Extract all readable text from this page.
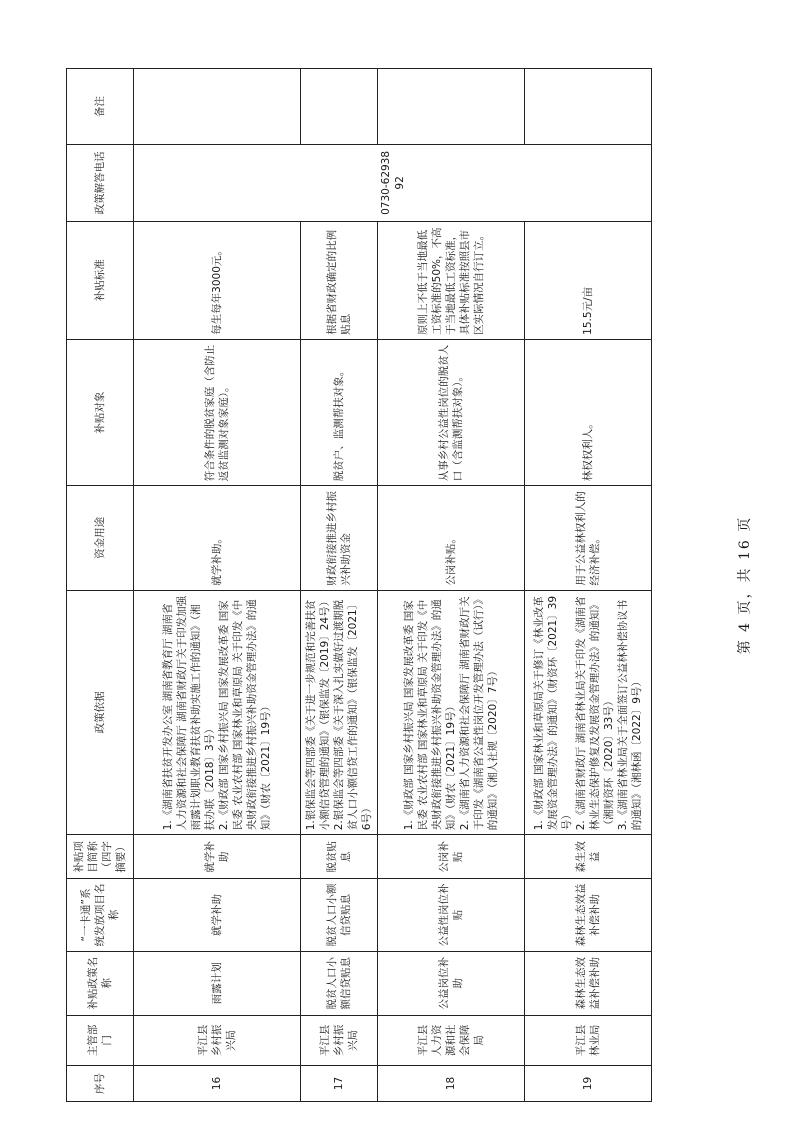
序号	主管部门	补贴政策名称	“一卡通”系统发放项目名称	补贴项目简称（四字摘要）	政策依据	资金用途	补贴对象	补贴标准	政策解答电话	备注
16	平江县乡村振兴局	雨露计划	就学补助	就学补助	1.《湖南省扶贫开发办公室 湖南省教育厅 湖南省人力资源和社会保障厅 湖南省财政厅关于印发加强雨露计划职业教育扶贫补助实施工作的通知》（湘扶办联〔2018〕3号） 2.《财政部 国家乡村振兴局 国家发展改革委 国家民委 农业农村部 国家林业和草原局 关于印发《中央财政衔接推进乡村振兴补助资金管理办法》的通知》（财农〔2021〕19号）	就学补助。	符合条件的脱贫家庭（含防止返贫监测对象家庭）。	每生每年3000元。	0730-6293892	
17	平江县乡村振兴局	脱贫人口小额信贷贴息	脱贫人口小额信贷贴息	脱贫贴息	1.银保监会等四部委《关于进一步规范和完善扶贫小额信贷管理的通知》（银保监发〔2019〕24号） 2.银保监会等四部委《关于深入扎实做好过渡期脱贫人口小额信贷工作的通知》（银保监发〔2021〕6号）	财政衔接推进乡村振兴补助资金	脱贫户、监测帮扶对象。	根据省财政确定的比例贴息		
18	平江县人力资源和社会保障局	公益岗位补助	公益性岗位补贴	公岗补贴	1.《财政部 国家乡村振兴局 国家发展改革委 国家民委 农业农村部 国家林业和草原局 关于印发《中央财政衔接推进乡村振兴补助资金管理办法》的通知》（财农〔2021〕19号） 2.《湖南省人力资源和社会保障厅 湖南省财政厅关于印发《湖南省公益性岗位开发管理办法（试行）》的通知》（湘人社规〔2020〕7号）	公岗补贴。	从事乡村公益性岗位的脱贫人口（含监测帮扶对象）。	原则上不低于当地最低工资标准的50%，不高于当地最低工资标准，具体补贴标准按照县市区实际情况自行订立。		
19	平江县林业局	森林生态效益补偿补助	森林生态效益补偿补助	森生效益	1.《财政部 国家林业和草原局关于修订《林业改革发展资金管理办法》的通知》（财资环〔2021〕39号） 2.《湖南省财政厅 湖南省林业局关于印发《湖南省林业生态保护修复及发展资金管理办法》的通知》（湘财资环〔2020〕33号） 3.《湖南省林业局关于全面签订公益林补偿协议书的通知》（湘林函〔2022〕9号）	用于公益林权利人的经济补偿。	林权权利人。	15.5元/亩		
第 4 页，共 16 页
